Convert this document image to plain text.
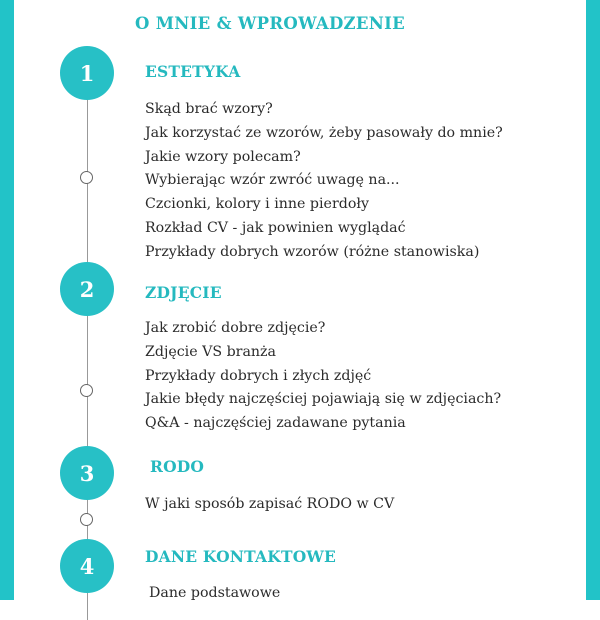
O MNIE & WPROWADZENIE
1	ESTETYKA
Skąd brać wzory?
Jak korzystać ze wzorów, żeby pasowały do mnie?
Jakie wzory polecam?
Wybierając wzór zwróć uwagę na...
Czcionki, kolory i inne pierdoły
Rozkład CV - jak powinien wyglądać
Przykłady dobrych wzorów (różne stanowiska)
2	ZDJĘCIE
Jak zrobić dobre zdjęcie?
Zdjęcie VS branża
Przykłady dobrych i złych zdjęć
Jakie błędy najczęściej pojawiają się w zdjęciach?
Q&A - najczęściej zadawane pytania
3	RODO
W jaki sposób zapisać RODO w CV
4	DANE KONTAKTOWE
Dane podstawowe
